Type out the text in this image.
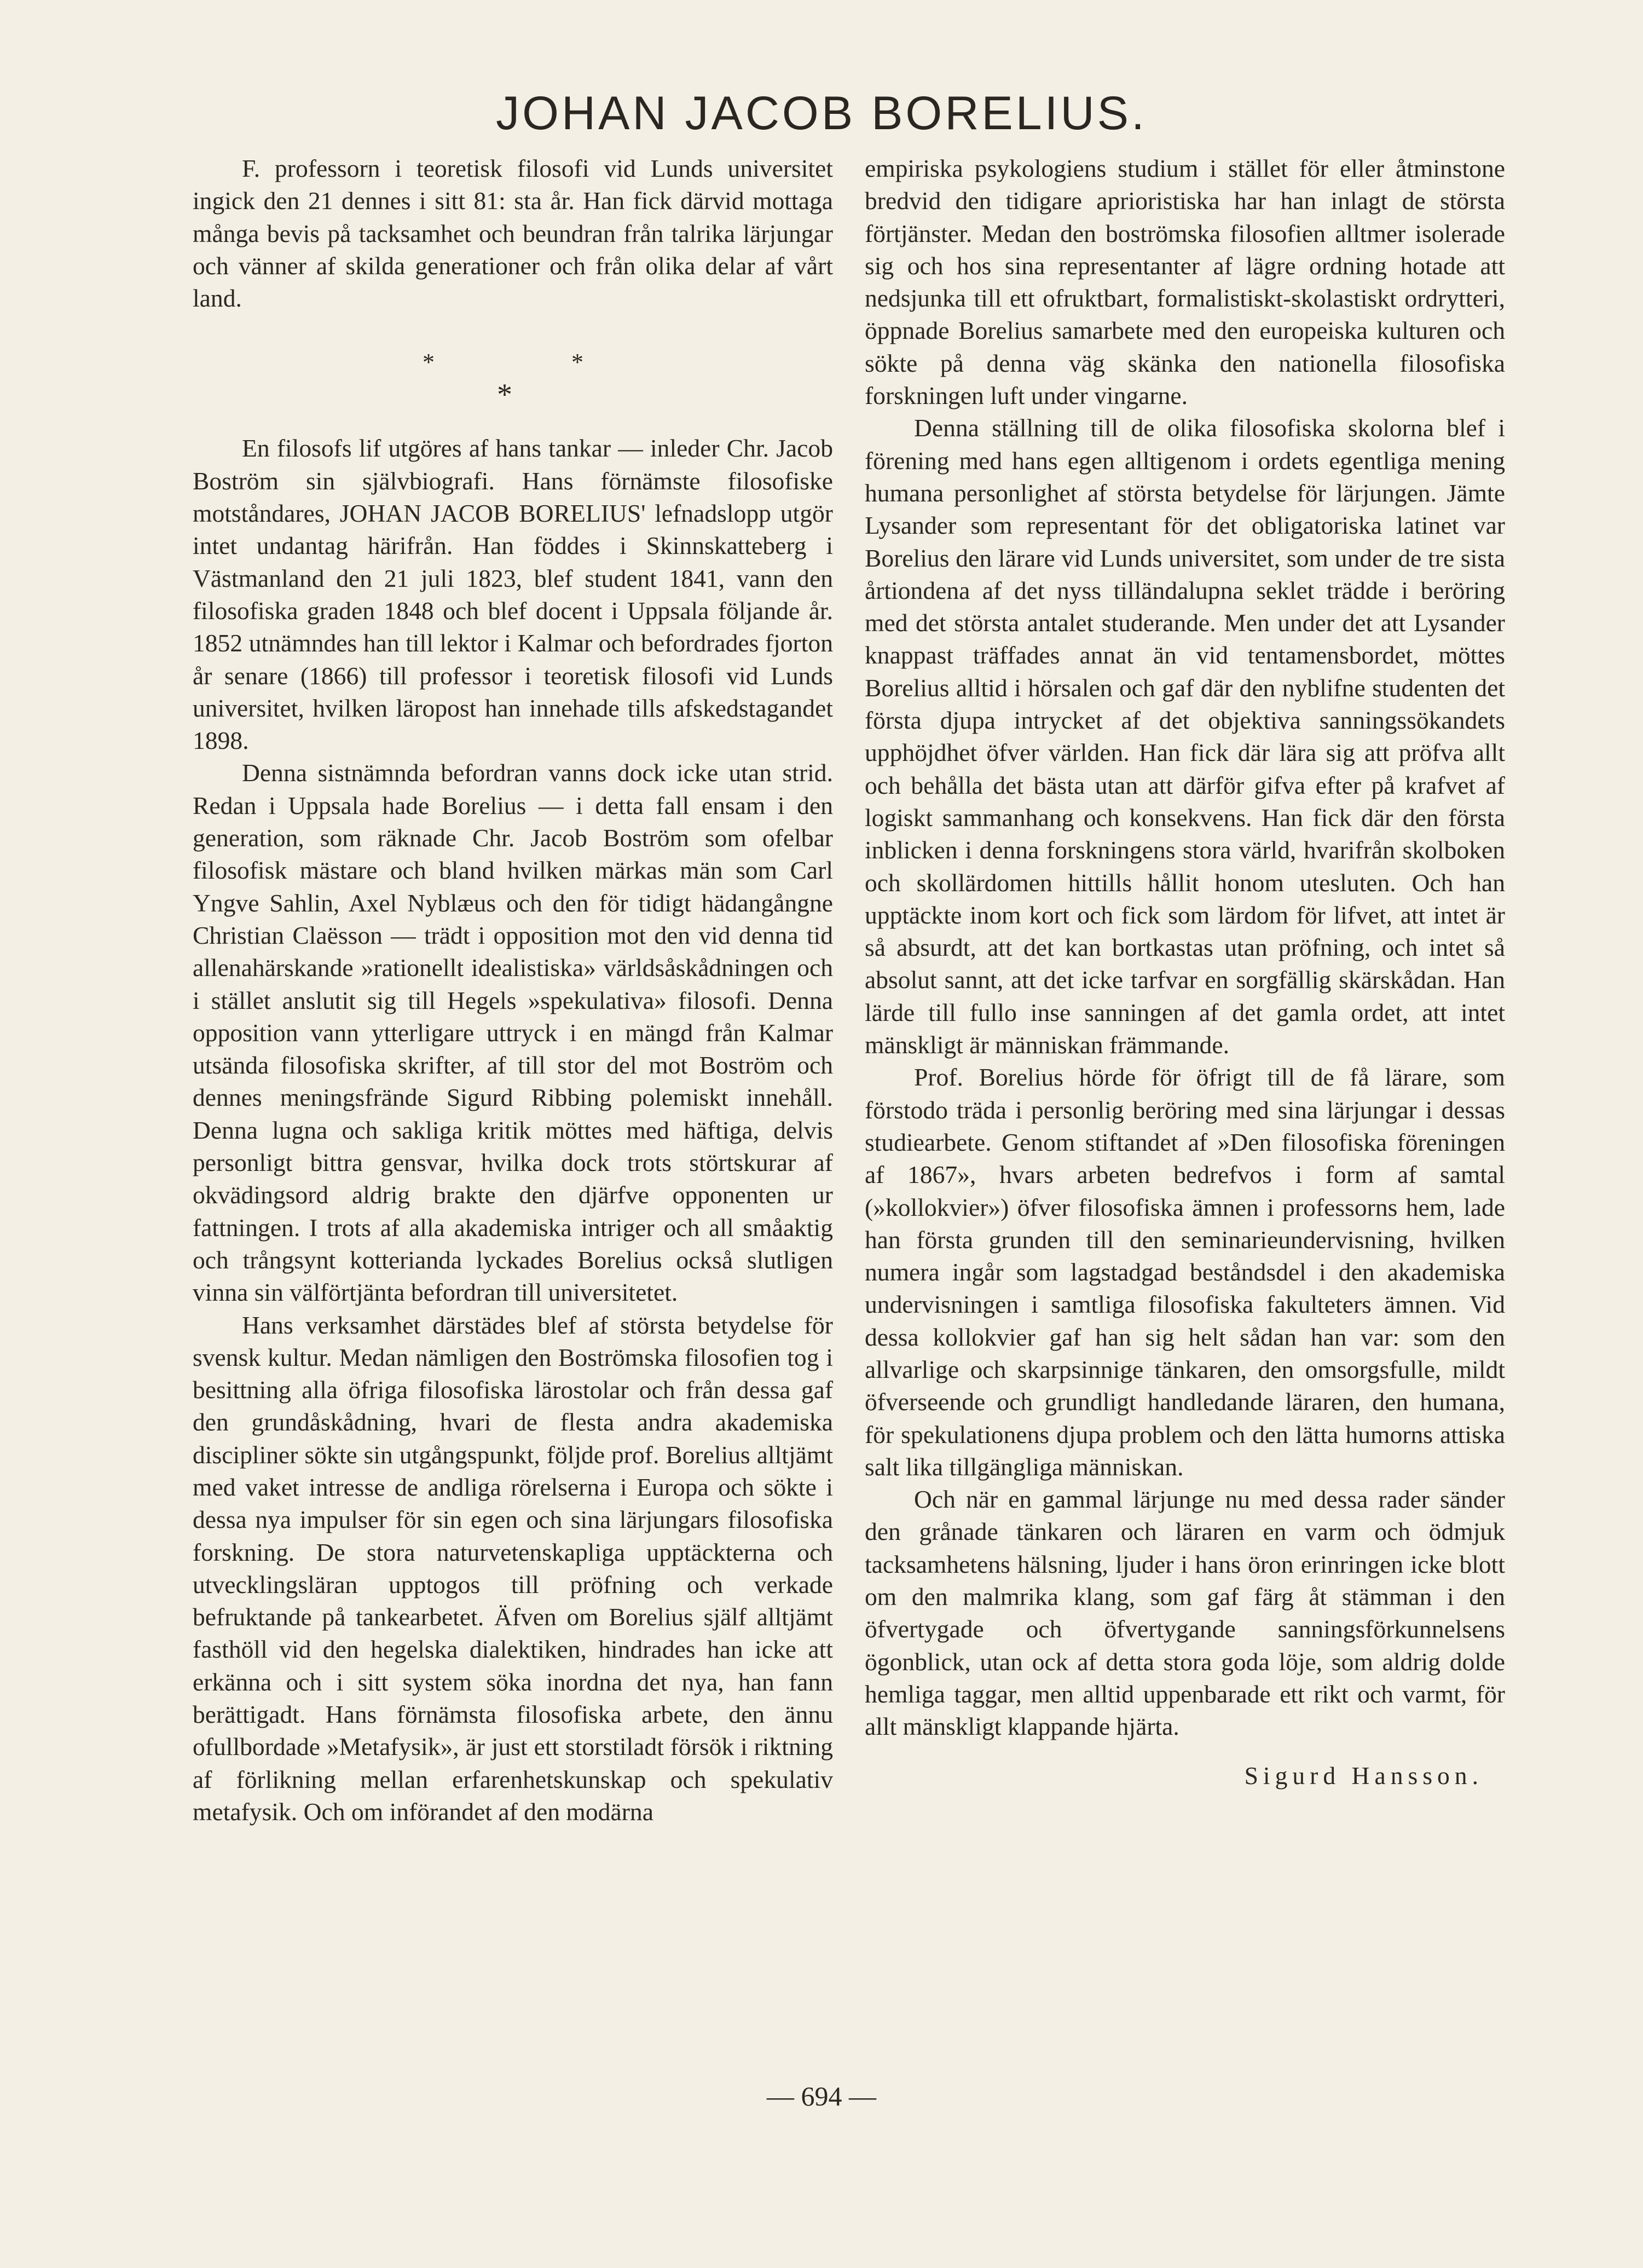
JOHAN JACOB BORELIUS.

F. professorn i teoretisk filosofi vid Lunds universitet ingick den 21 dennes i sitt 81: sta år. Han fick därvid mottaga många bevis på tacksamhet och beundran från talrika lärjungar och vänner af skilda generationer och från olika delar af vårt land.

*	*
*

En filosofs lif utgöres af hans tankar — inleder Chr. Jacob Boström sin självbiografi. Hans förnämste filosofiske motståndares, JOHAN JACOB BORELIUS' lefnadslopp utgör intet undantag härifrån. Han föddes i Skinnskatteberg i Västmanland den 21 juli 1823, blef student 1841, vann den filosofiska graden 1848 och blef docent i Uppsala följande år. 1852 utnämndes han till lektor i Kalmar och befordrades fjorton år senare (1866) till professor i teoretisk filosofi vid Lunds universitet, hvilken läropost han innehade tills afskedstagandet 1898.

Denna sistnämnda befordran vanns dock icke utan strid. Redan i Uppsala hade Borelius — i detta fall ensam i den generation, som räknade Chr. Jacob Boström som ofelbar filosofisk mästare och bland hvilken märkas män som Carl Yngve Sahlin, Axel Nyblæus och den för tidigt hädangångne Christian Claësson — trädt i opposition mot den vid denna tid allenahärskande »rationellt idealistiska» världsåskådningen och i stället anslutit sig till Hegels »spekulativa» filosofi. Denna opposition vann ytterligare uttryck i en mängd från Kalmar utsända filosofiska skrifter, af till stor del mot Boström och dennes meningsfrände Sigurd Ribbing polemiskt innehåll. Denna lugna och sakliga kritik möttes med häftiga, delvis personligt bittra gensvar, hvilka dock trots störtskurar af okvädingsord aldrig brakte den djärfve opponenten ur fattningen. I trots af alla akademiska intriger och all småaktig och trångsynt kotterianda lyckades Borelius också slutligen vinna sin välförtjänta befordran till universitetet.

Hans verksamhet därstädes blef af största betydelse för svensk kultur. Medan nämligen den Boströmska filosofien tog i besittning alla öfriga filosofiska lärostolar och från dessa gaf den grundåskådning, hvari de flesta andra akademiska discipliner sökte sin utgångspunkt, följde prof. Borelius alltjämt med vaket intresse de andliga rörelserna i Europa och sökte i dessa nya impulser för sin egen och sina lärjungars filosofiska forskning. De stora naturvetenskapliga upptäckterna och utvecklingsläran upptogos till pröfning och verkade befruktande på tankearbetet. Äfven om Borelius själf alltjämt fasthöll vid den hegelska dialektiken, hindrades han icke att erkänna och i sitt system söka inordna det nya, han fann berättigadt. Hans förnämsta filosofiska arbete, den ännu ofullbordade »Metafysik», är just ett storstiladt försök i riktning af förlikning mellan erfarenhetskunskap och spekulativ metafysik. Och om införandet af den modärna

empiriska psykologiens studium i stället för eller åtminstone bredvid den tidigare aprioristiska har han inlagt de största förtjänster. Medan den boströmska filosofien alltmer isolerade sig och hos sina representanter af lägre ordning hotade att nedsjunka till ett ofruktbart, formalistiskt-skolastiskt ordrytteri, öppnade Borelius samarbete med den europeiska kulturen och sökte på denna väg skänka den nationella filosofiska forskningen luft under vingarne.

Denna ställning till de olika filosofiska skolorna blef i förening med hans egen alltigenom i ordets egentliga mening humana personlighet af största betydelse för lärjungen. Jämte Lysander som representant för det obligatoriska latinet var Borelius den lärare vid Lunds universitet, som under de tre sista årtiondena af det nyss tilländalupna seklet trädde i beröring med det största antalet studerande. Men under det att Lysander knappast träffades annat än vid tentamensbordet, möttes Borelius alltid i hörsalen och gaf där den nyblifne studenten det första djupa intrycket af det objektiva sanningssökandets upphöjdhet öfver världen. Han fick där lära sig att pröfva allt och behålla det bästa utan att därför gifva efter på krafvet af logiskt sammanhang och konsekvens. Han fick där den första inblicken i denna forskningens stora värld, hvarifrån skolboken och skollärdomen hittills hållit honom utesluten. Och han upptäckte inom kort och fick som lärdom för lifvet, att intet är så absurdt, att det kan bortkastas utan pröfning, och intet så absolut sannt, att det icke tarfvar en sorgfällig skärskådan. Han lärde till fullo inse sanningen af det gamla ordet, att intet mänskligt är människan främmande.

Prof. Borelius hörde för öfrigt till de få lärare, som förstodo träda i personlig beröring med sina lärjungar i dessas studiearbete. Genom stiftandet af »Den filosofiska föreningen af 1867», hvars arbeten bedrefvos i form af samtal (»kollokvier») öfver filosofiska ämnen i professorns hem, lade han första grunden till den seminarieundervisning, hvilken numera ingår som lagstadgad beståndsdel i den akademiska undervisningen i samtliga filosofiska fakulteters ämnen. Vid dessa kollokvier gaf han sig helt sådan han var: som den allvarlige och skarpsinnige tänkaren, den omsorgsfulle, mildt öfverseende och grundligt handledande läraren, den humana, för spekulationens djupa problem och den lätta humorns attiska salt lika tillgängliga människan.

Och när en gammal lärjunge nu med dessa rader sänder den grånade tänkaren och läraren en varm och ödmjuk tacksamhetens hälsning, ljuder i hans öron erinringen icke blott om den malmrika klang, som gaf färg åt stämman i den öfvertygade och öfvertygande sanningsförkunnelsens ögonblick, utan ock af detta stora goda löje, som aldrig dolde hemliga taggar, men alltid uppenbarade ett rikt och varmt, för allt mänskligt klappande hjärta.

Sigurd Hansson.

— 694 —
